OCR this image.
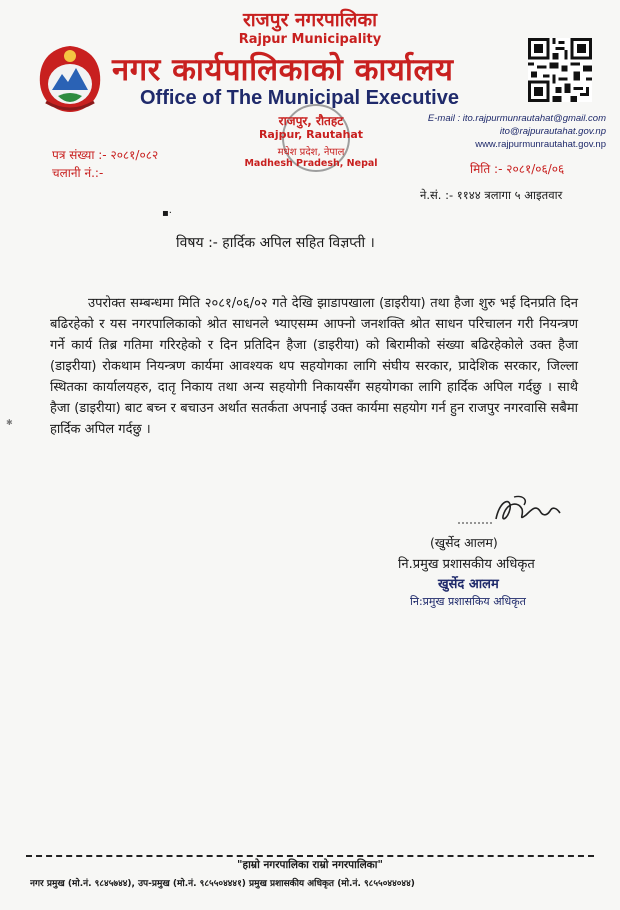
राजपुर नगरपालिका
Rajpur Municipality
नगर कार्यपालिकाको कार्यालय
Office of The Municipal Executive
E-mail : ito.rajpurmunrautahat@gmail.com
ito@rajpurautahat.gov.np
www.rajpurmunrautahat.gov.np
राजपुर, रौतहट
Rajpur, Rautahat
मधेश प्रदेश, नेपाल
Madhesh Pradesh, Nepal
पत्र संख्या :- २०८१/०८२
चलानी नं.:-	मिति :- २०८१/०६/०६
ने.सं. :- ११४४ त्रलागा ५ आइतवार
▪·
विषय :- हार्दिक अपिल सहित विज्ञप्ती ।

उपरोक्त सम्बन्धमा मिति २०८१/०६/०२ गते देखि झाडापखाला (डाइरीया) तथा हैजा शुरु भई दिनप्रति दिन बढिरहेको र यस नगरपालिकाको श्रोत साधनले भ्याएसम्म आफ्नो जनशक्ति श्रोत साधन परिचालन गरी नियन्त्रण गर्ने कार्य तिब्र गतिमा गरिरहेको र दिन प्रतिदिन हैजा (डाइरीया) को बिरामीको संख्या बढिरहेकोले उक्त हैजा (डाइरीया) रोकथाम नियन्त्रण कार्यमा आवश्यक थप सहयोगका लागि संघीय सरकार, प्रादेशिक सरकार, जिल्ला स्थितका कार्यालयहरु, दातृ निकाय तथा अन्य सहयोगी निकायसँग सहयोगका लागि हार्दिक अपिल गर्दछु । साथै हैजा (डाइरीया) बाट बच्न र बचाउन अर्थात सतर्कता अपनाई उक्त कार्यमा सहयोग गर्न हुन राजपुर नगरवासि सबैमा हार्दिक अपिल गर्दछु ।

✱
(खुर्सेद आलम)
नि.प्रमुख प्रशासकीय अधिकृत
खुर्सेद आलम
नि:प्रमुख प्रशासकिय अधिकृत
"हाम्रो नगरपालिका राम्रो नगरपालिका"
नगर प्रमुख (मो.नं. ९८४५७४४), उप-प्रमुख (मो.नं. ९८५५०४४४१) प्रमुख प्रशासकीय अधिकृत (मो.नं. ९८५५०४४०४४)
